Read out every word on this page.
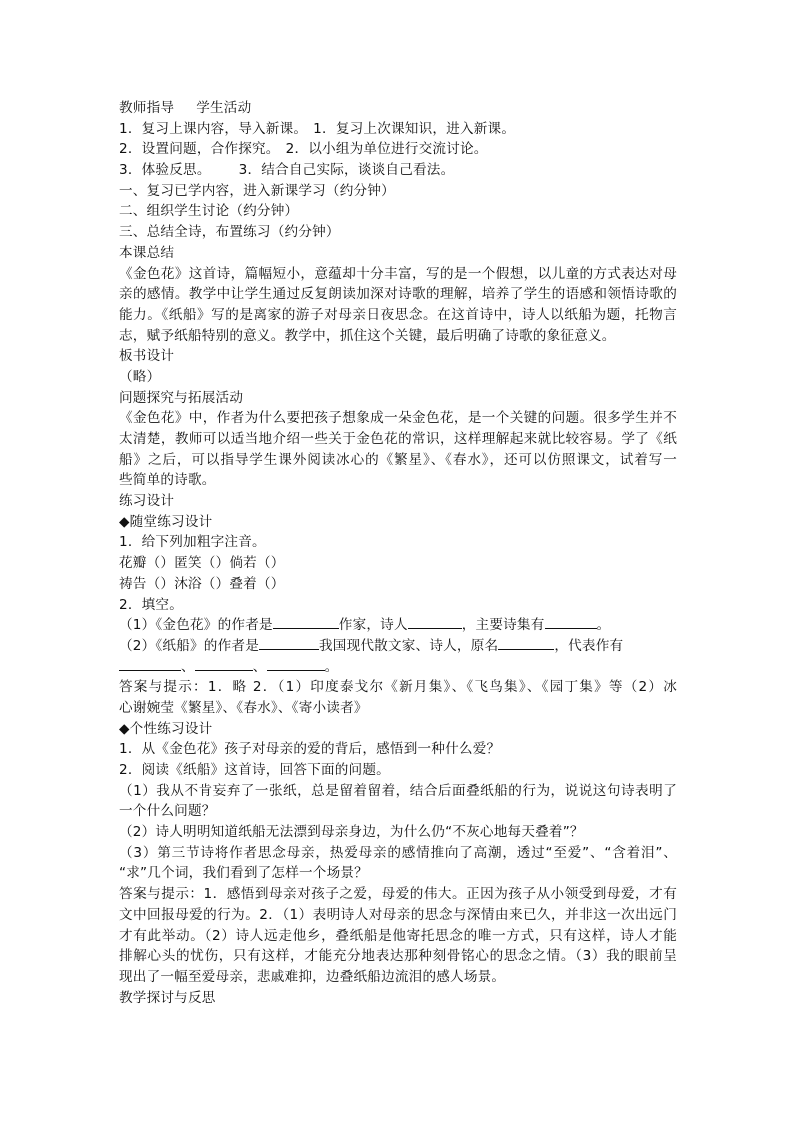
教师指导 学生活动
1．复习上课内容，导入新课。 1．复习上次课知识，进入新课。
2．设置问题，合作探究。 2．以小组为单位进行交流讨论。
3．体验反思。 3．结合自己实际，谈谈自己看法。
一、复习已学内容，进入新课学习（约分钟）
二、组织学生讨论（约分钟）
三、总结全诗，布置练习（约分钟）
本课总结
《金色花》这首诗，篇幅短小，意蕴却十分丰富，写的是一个假想，以儿童的方式表达对母
亲的感情。教学中让学生通过反复朗读加深对诗歌的理解，培养了学生的语感和领悟诗歌的
能力。《纸船》写的是离家的游子对母亲日夜思念。在这首诗中，诗人以纸船为题，托物言
志，赋予纸船特别的意义。教学中，抓住这个关键，最后明确了诗歌的象征意义。
板书设计
（略）
问题探究与拓展活动
《金色花》中，作者为什么要把孩子想象成一朵金色花，是一个关键的问题。很多学生并不
太清楚，教师可以适当地介绍一些关于金色花的常识，这样理解起来就比较容易。学了《纸
船》之后，可以指导学生课外阅读冰心的《繁星》、《春水》，还可以仿照课文，试着写一
些简单的诗歌。
练习设计
◆随堂练习设计
1．给下列加粗字注音。
花瓣（）匿笑（）倘若（）
祷告（）沐浴（）叠着（）
2．填空。
（1）《金色花》的作者是	作家，诗人	，主要诗集有	。
（2）《纸船》的作者是	我国现代散文家、诗人，原名	，代表作有
、	、	。
答案与提示：1．略 2．（1）印度泰戈尔《新月集》、《飞鸟集》、《园丁集》等（2）冰
心谢婉莹《繁星》、《春水》、《寄小读者》
◆个性练习设计
1．从《金色花》孩子对母亲的爱的背后，感悟到一种什么爱？
2．阅读《纸船》这首诗，回答下面的问题。
（1）我从不肯妄弃了一张纸，总是留着留着，结合后面叠纸船的行为，说说这句诗表明了
一个什么问题？
（2）诗人明明知道纸船无法漂到母亲身边，为什么仍“不灰心地每天叠着”？
（3）第三节诗将作者思念母亲，热爱母亲的感情推向了高潮，透过“至爱”、“含着泪”、
“求”几个词，我们看到了怎样一个场景？
答案与提示：1．感悟到母亲对孩子之爱，母爱的伟大。正因为孩子从小领受到母爱，才有
文中回报母爱的行为。2．（1）表明诗人对母亲的思念与深情由来已久，并非这一次出远门
才有此举动。（2）诗人远走他乡，叠纸船是他寄托思念的唯一方式，只有这样，诗人才能
排解心头的忧伤，只有这样，才能充分地表达那种刻骨铭心的思念之情。（3）我的眼前呈
现出了一幅至爱母亲，悲戚难抑，边叠纸船边流泪的感人场景。
教学探讨与反思
